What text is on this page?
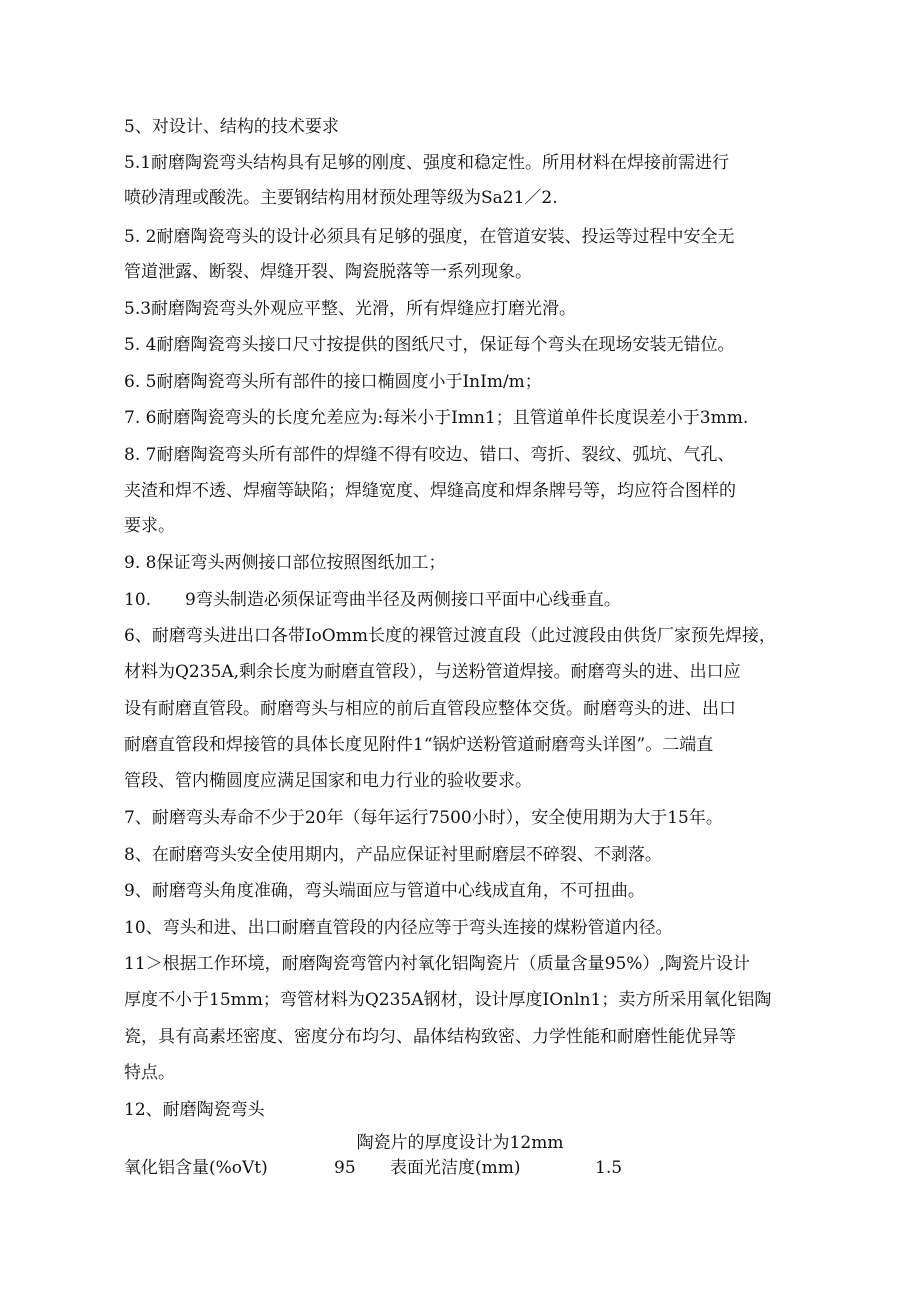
5、对设计、结构的技术要求
5.1耐磨陶瓷弯头结构具有足够的刚度、强度和稳定性。所用材料在焊接前需进行
喷砂清理或酸洗。主要钢结构用材预处理等级为Sa21／2.
5. 2耐磨陶瓷弯头的设计必须具有足够的强度，在管道安装、投运等过程中安全无
管道泄露、断裂、焊缝开裂、陶瓷脱落等一系列现象。
5.3耐磨陶瓷弯头外观应平整、光滑，所有焊缝应打磨光滑。
5. 4耐磨陶瓷弯头接口尺寸按提供的图纸尺寸，保证每个弯头在现场安装无错位。
6. 5耐磨陶瓷弯头所有部件的接口椭圆度小于InIm/m；
7. 6耐磨陶瓷弯头的长度允差应为:每米小于Imn1；且管道单件长度误差小于3mm.
8. 7耐磨陶瓷弯头所有部件的焊缝不得有咬边、错口、弯折、裂纹、弧坑、气孔、
夹渣和焊不透、焊瘤等缺陷；焊缝宽度、焊缝高度和焊条牌号等，均应符合图样的
要求。
9. 8保证弯头两侧接口部位按照图纸加工；
10.　　9弯头制造必须保证弯曲半径及两侧接口平面中心线垂直。
6、耐磨弯头进出口各带IoOmm长度的裸管过渡直段（此过渡段由供货厂家预先焊接，
材料为Q235A,剩余长度为耐磨直管段），与送粉管道焊接。耐磨弯头的进、出口应
设有耐磨直管段。耐磨弯头与相应的前后直管段应整体交货。耐磨弯头的进、出口
耐磨直管段和焊接管的具体长度见附件1“锅炉送粉管道耐磨弯头详图”。二端直
管段、管内椭圆度应满足国家和电力行业的验收要求。
7、耐磨弯头寿命不少于20年（每年运行7500小时），安全使用期为大于15年。
8、在耐磨弯头安全使用期内，产品应保证衬里耐磨层不碎裂、不剥落。
9、耐磨弯头角度准确，弯头端面应与管道中心线成直角，不可扭曲。
10、弯头和进、出口耐磨直管段的内径应等于弯头连接的煤粉管道内径。
11＞根据工作环境，耐磨陶瓷弯管内衬氧化铝陶瓷片（质量含量95%）,陶瓷片设计
厚度不小于15mm；弯管材料为Q235A钢材，设计厚度IOnln1；卖方所采用氧化铝陶
瓷，具有高素坯密度、密度分布均匀、晶体结构致密、力学性能和耐磨性能优异等
特点。
12、耐磨陶瓷弯头
陶瓷片的厚度设计为12mm
氧化铝含量(%oVt)	95 表面光洁度(mm)	1.5
